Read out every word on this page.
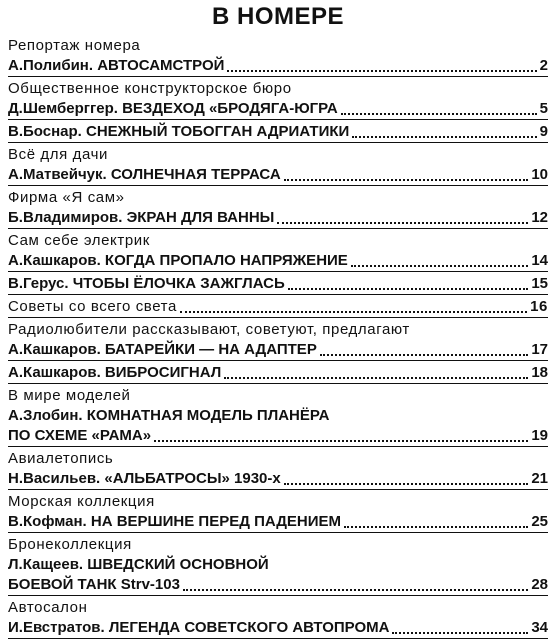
В НОМЕРЕ
Репортаж номера
А.Полибин. АВТОСАМСТРОЙ	2
Общественное конструкторское бюро
Д.Шемберггер. ВЕЗДЕХОД «БРОДЯГА-ЮГРА	5
В.Боснар. СНЕЖНЫЙ ТОБОГГАН АДРИАТИКИ	9
Всё для дачи
А.Матвейчук. СОЛНЕЧНАЯ ТЕРРАСА	10
Фирма «Я сам»
Б.Владимиров. ЭКРАН ДЛЯ ВАННЫ	12
Сам себе электрик
А.Кашкаров. КОГДА ПРОПАЛО НАПРЯЖЕНИЕ	14
В.Герус. ЧТОБЫ ЁЛОЧКА ЗАЖГЛАСЬ	15
Советы со всего света	16
Радиолюбители рассказывают, советуют, предлагают
А.Кашкаров. БАТАРЕЙКИ — НА АДАПТЕР	17
А.Кашкаров. ВИБРОСИГНАЛ	18
В мире моделей
А.Злобин. КОМНАТНАЯ МОДЕЛЬ ПЛАНЁРА
ПО СХЕМЕ «РАМА»	19
Авиалетопись
Н.Васильев. «АЛЬБАТРОСЫ» 1930-х	21
Морская коллекция
В.Кофман. НА ВЕРШИНЕ ПЕРЕД ПАДЕНИЕМ	25
Бронеколлекция
Л.Кащеев. ШВЕДСКИЙ ОСНОВНОЙ
БОЕВОЙ ТАНК Strv-103	28
Автосалон
И.Евстратов. ЛЕГЕНДА СОВЕТСКОГО АВТОПРОМА	34
